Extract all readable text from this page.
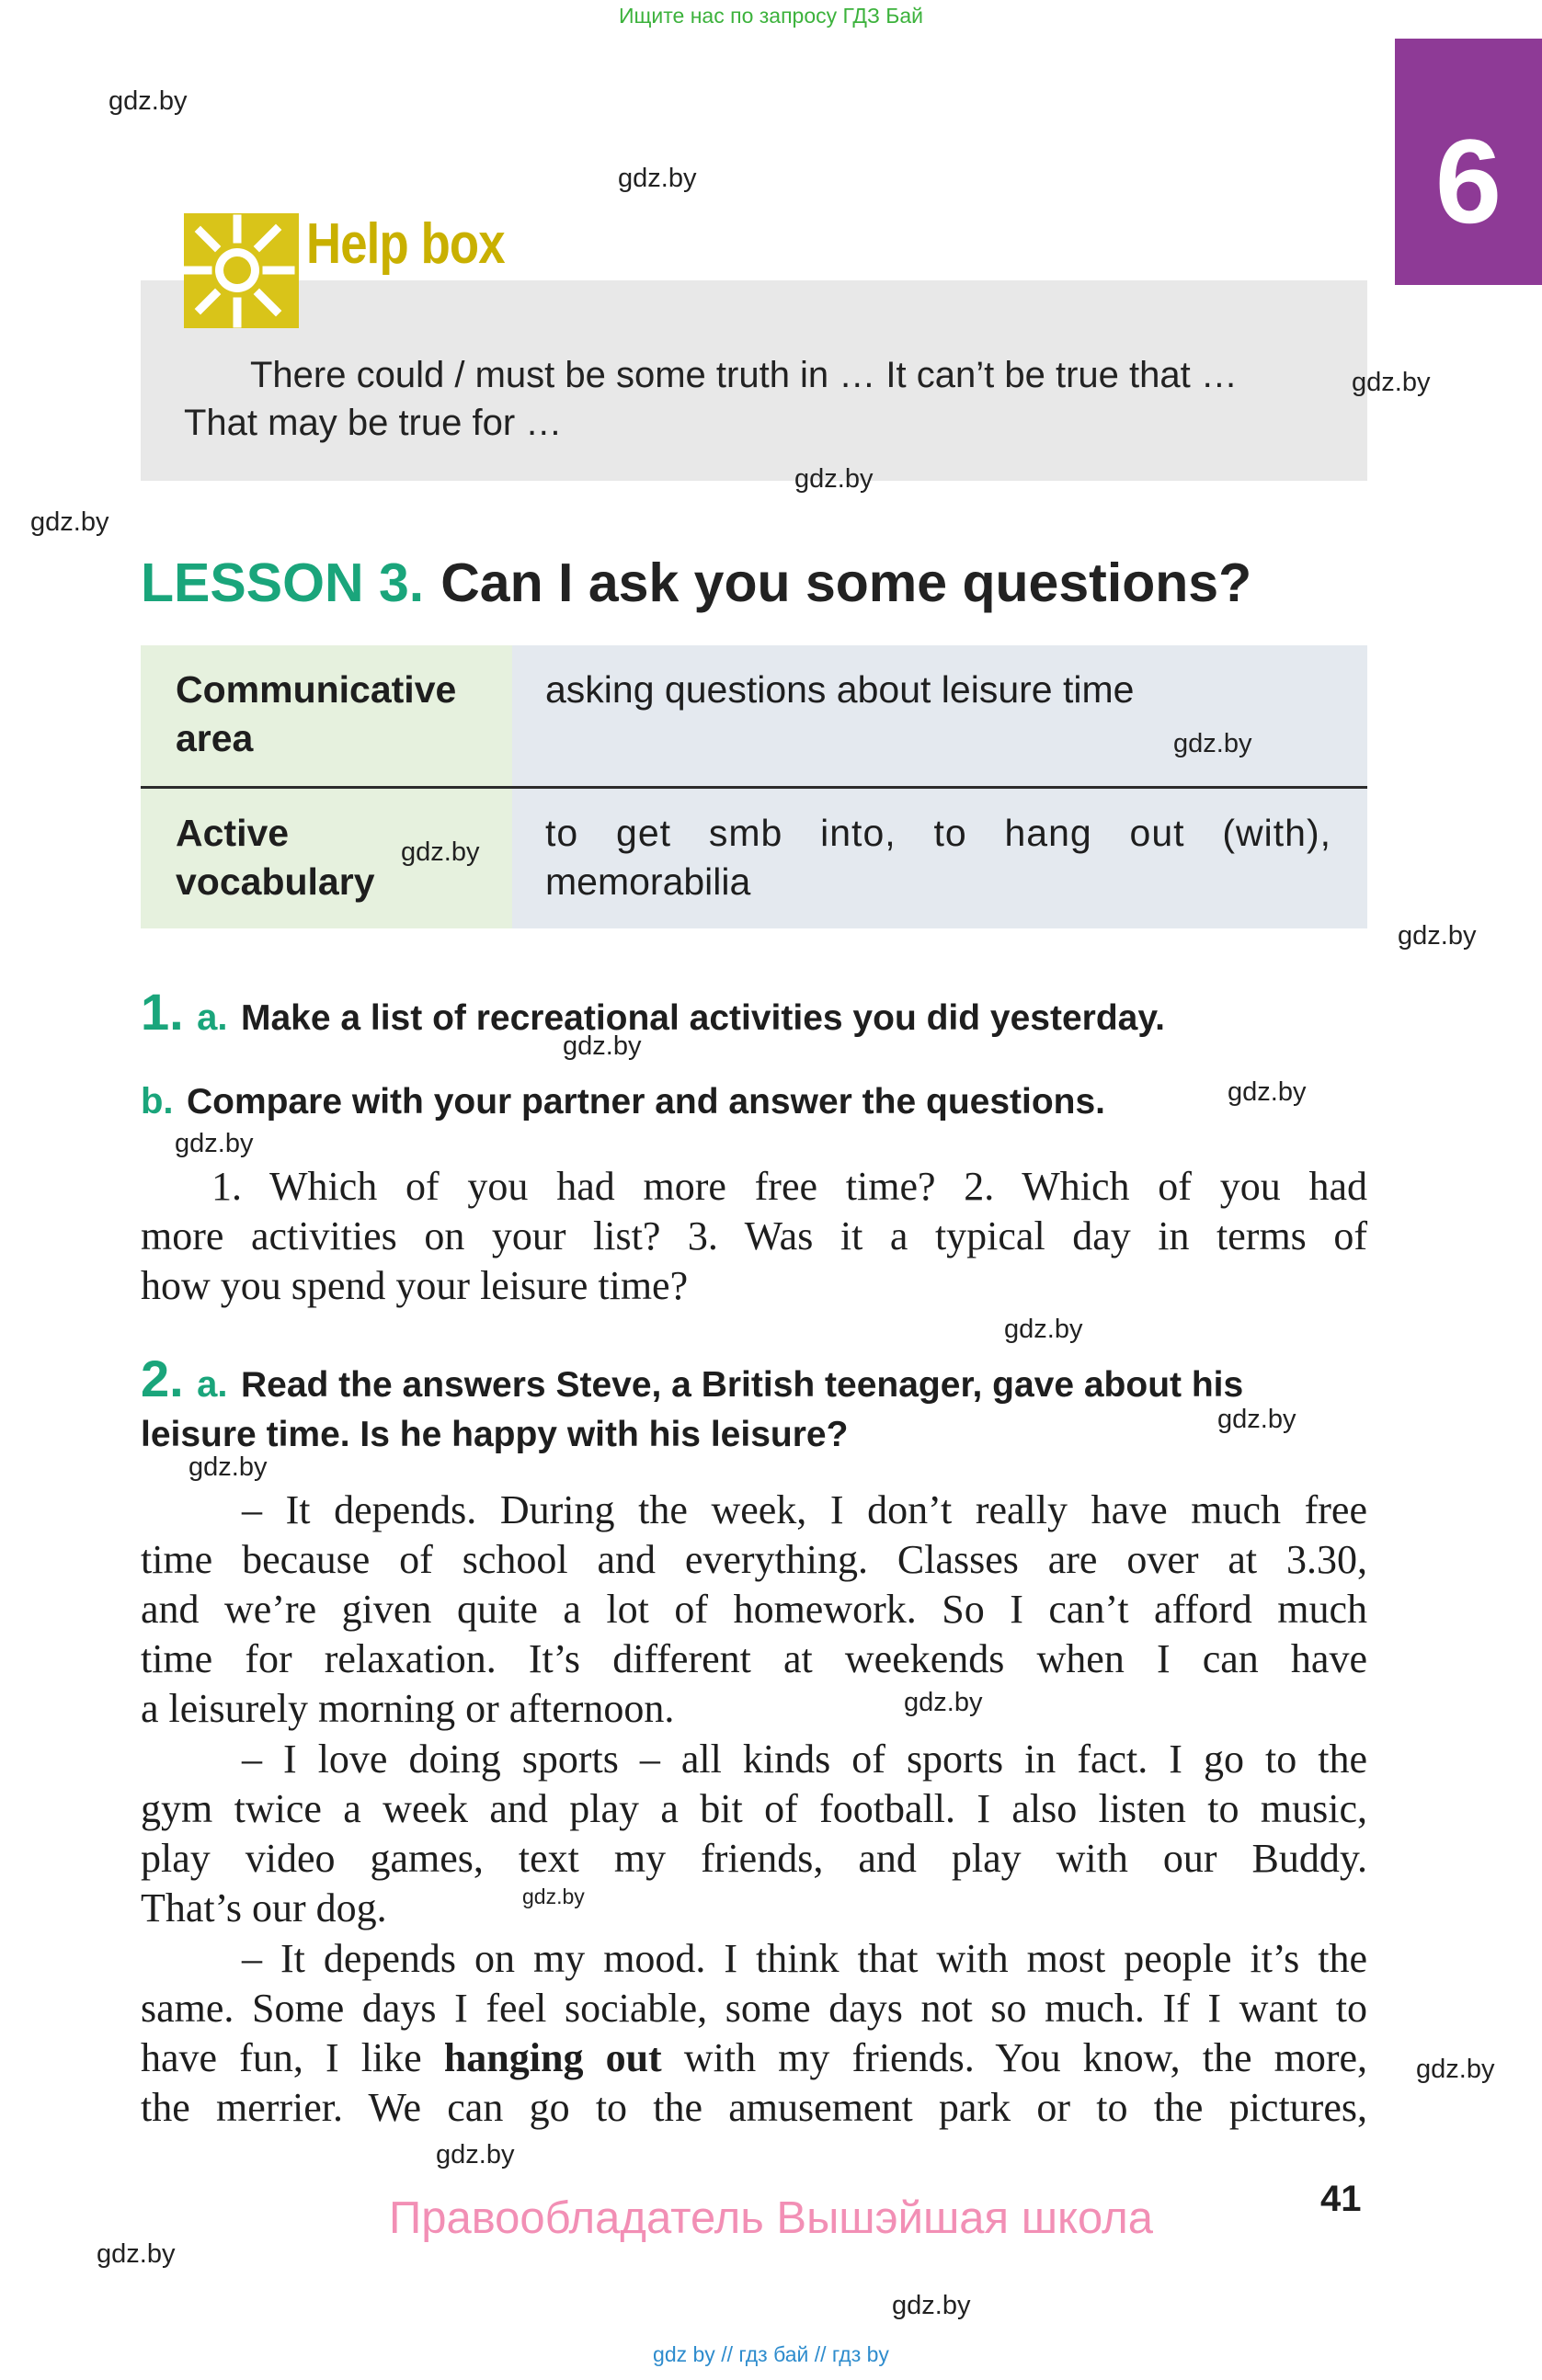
Ищите нас по запросу ГДЗ Бай
6
Help box
There could / must be some truth in … It can’t be true that …
That may be true for …
LESSON 3. Can I ask you some questions?
Communicative
area
asking questions about leisure time
Active
vocabulary
to get smb into, to hang out (with),
memorabilia
1. a. Make a list of recreational activities you did yesterday.
b. Compare with your partner and answer the questions.
1. Which of you had more free time? 2. Which of you had
more activities on your list? 3. Was it a typical day in terms of
how you spend your leisure time?
2. a. Read the answers Steve, a British teenager, gave about his
leisure time. Is he happy with his leisure?
– It depends. During the week, I don’t really have much free
time because of school and everything. Classes are over at 3.30,
and we’re given quite a lot of homework. So I can’t afford much
time for relaxation. It’s different at weekends when I can have
a leisurely morning or afternoon.
– I love doing sports – all kinds of sports in fact. I go to the
gym twice a week and play a bit of football. I also listen to music,
play video games, text my friends, and play with our Buddy.
That’s our dog.
– It depends on my mood. I think that with most people it’s the
same. Some days I feel sociable, some days not so much. If I want to
have fun, I like hanging out with my friends. You know, the more,
the merrier. We can go to the amusement park or to the pictures,
gdz.by
gdz.by
gdz.by
gdz.by
gdz.by
gdz.by
gdz.by
gdz.by
gdz.by
gdz.by
gdz.by
gdz.by
gdz.by
gdz.by
gdz.by
gdz.by
gdz.by
gdz.by
gdz.by
gdz.by
41
Правообладатель Вышэйшая школа
gdz by // гдз бай // гдз by
